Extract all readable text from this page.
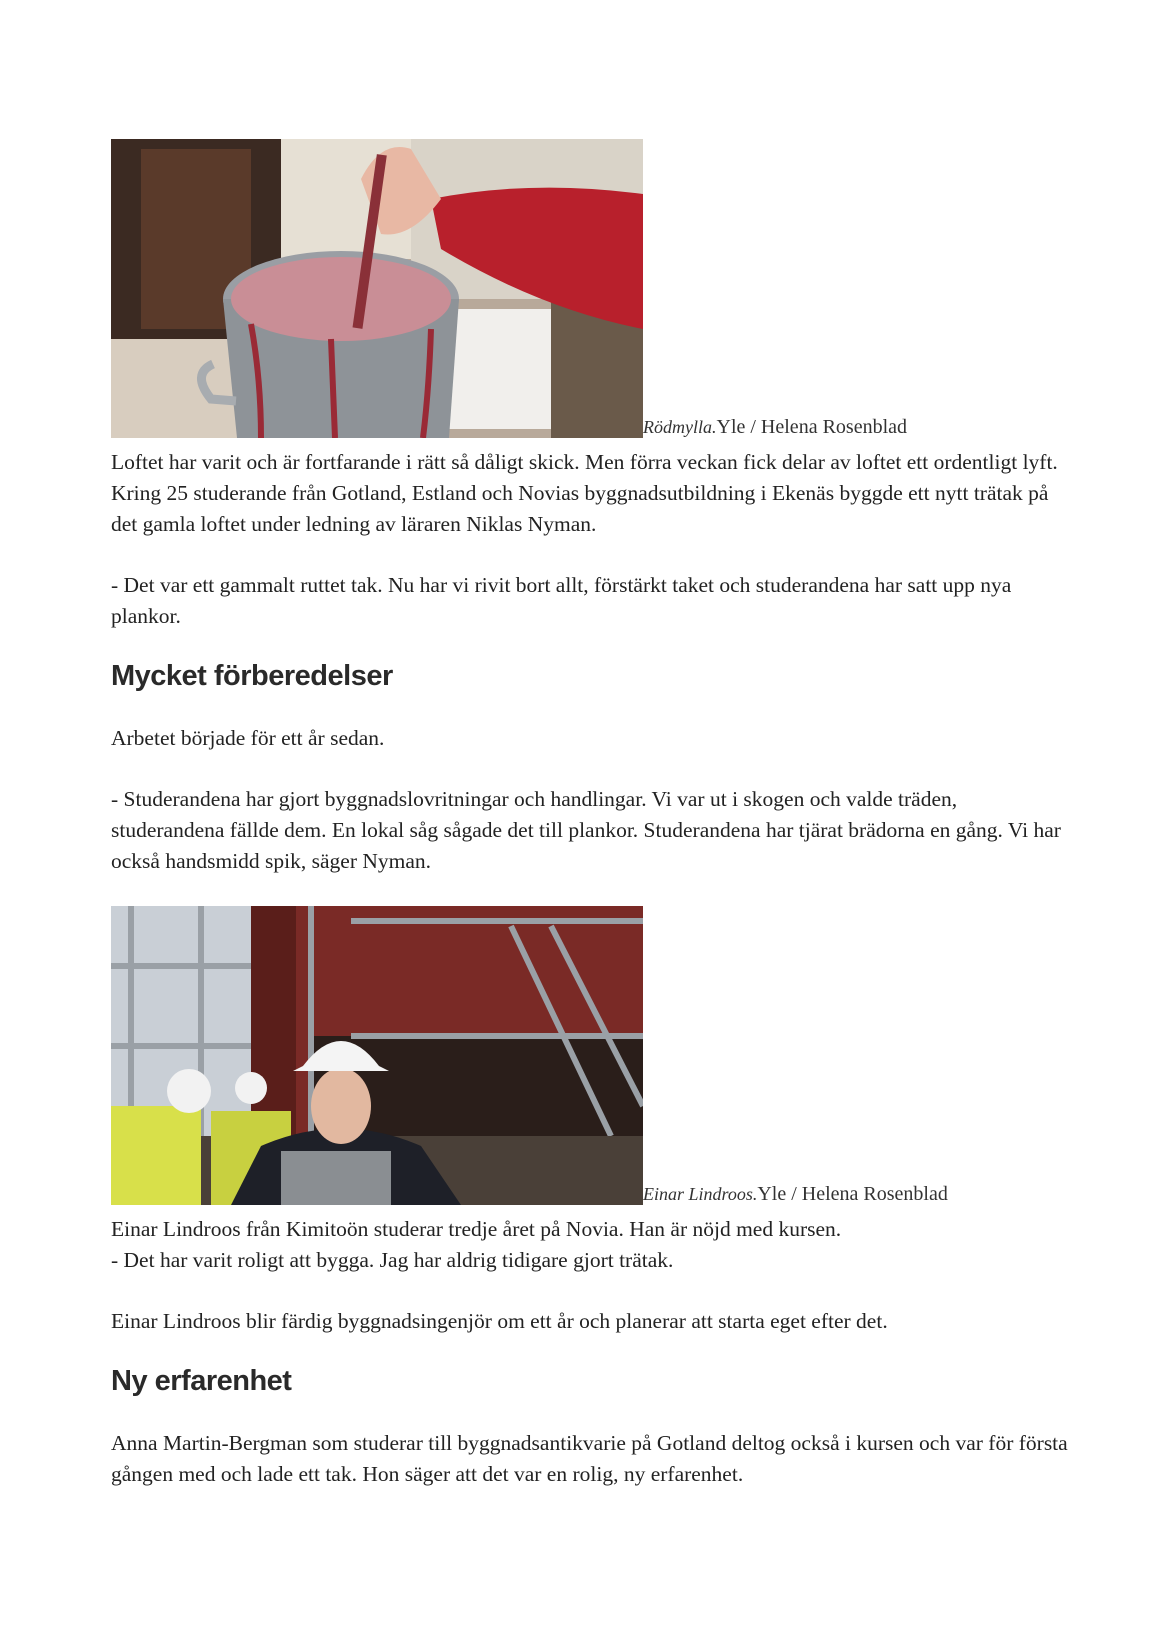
Rödmylla.Yle / Helena Rosenblad

Loftet har varit och är fortfarande i rätt så dåligt skick. Men förra veckan fick delar av loftet ett ordentligt lyft. Kring 25 studerande från Gotland, Estland och Novias byggnadsutbildning i Ekenäs byggde ett nytt trätak på det gamla loftet under ledning av läraren Niklas Nyman.

- Det var ett gammalt ruttet tak. Nu har vi rivit bort allt, förstärkt taket och studerandena har satt upp nya plankor.

Mycket förberedelser

Arbetet började för ett år sedan.

- Studerandena har gjort byggnadslovritningar och handlingar. Vi var ut i skogen och valde träden, studerandena fällde dem. En lokal såg sågade det till plankor. Studerandena har tjärat brädorna en gång. Vi har också handsmidd spik, säger Nyman.

Einar Lindroos.Yle / Helena Rosenblad

Einar Lindroos från Kimitoön studerar tredje året på Novia. Han är nöjd med kursen.

- Det har varit roligt att bygga. Jag har aldrig tidigare gjort trätak.

Einar Lindroos blir färdig byggnadsingenjör om ett år och planerar att starta eget efter det.

Ny erfarenhet

Anna Martin-Bergman som studerar till byggnadsantikvarie på Gotland deltog också i kursen och var för första gången med och lade ett tak. Hon säger att det var en rolig, ny erfarenhet.
